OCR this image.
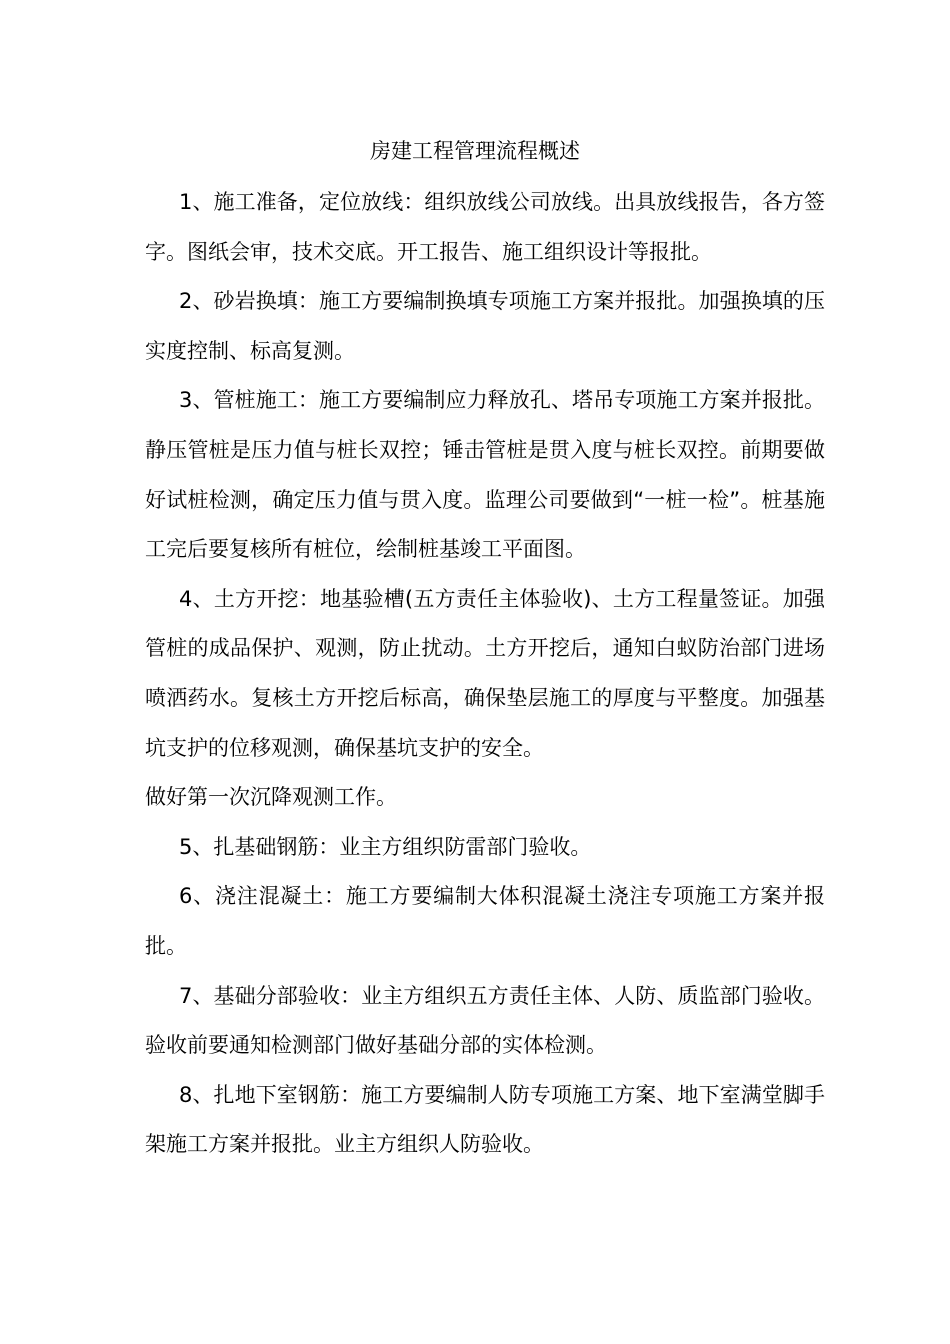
房建工程管理流程概述

1、施工准备，定位放线：组织放线公司放线。出具放线报告，各方签字。图纸会审，技术交底。开工报告、施工组织设计等报批。

2、砂岩换填：施工方要编制换填专项施工方案并报批。加强换填的压实度控制、标高复测。

3、管桩施工：施工方要编制应力释放孔、塔吊专项施工方案并报批。静压管桩是压力值与桩长双控；锤击管桩是贯入度与桩长双控。前期要做好试桩检测，确定压力值与贯入度。监理公司要做到“一桩一检”。桩基施工完后要复核所有桩位，绘制桩基竣工平面图。

4、土方开挖：地基验槽(五方责任主体验收)、土方工程量签证。加强管桩的成品保护、观测，防止扰动。土方开挖后，通知白蚁防治部门进场喷洒药水。复核土方开挖后标高，确保垫层施工的厚度与平整度。加强基坑支护的位移观测，确保基坑支护的安全。

做好第一次沉降观测工作。

5、扎基础钢筋：业主方组织防雷部门验收。

6、浇注混凝土：施工方要编制大体积混凝土浇注专项施工方案并报批。

7、基础分部验收：业主方组织五方责任主体、人防、质监部门验收。验收前要通知检测部门做好基础分部的实体检测。

8、扎地下室钢筋：施工方要编制人防专项施工方案、地下室满堂脚手架施工方案并报批。业主方组织人防验收。
